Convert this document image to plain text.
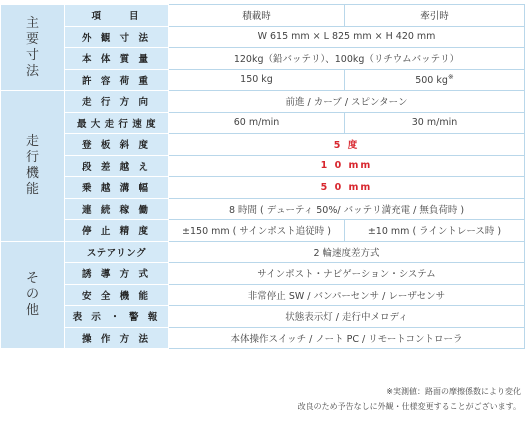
主要寸法	項　　目	積載時	牽引時
	外 観 寸 法	W 615 mm × L 825 mm × H 420 mm	
	本 体 質 量	120kg（鉛バッテリ）、100kg（リチウムバッテリ）	
	許 容 荷 重	150 kg	500 kg※
走行機能	走 行 方 向	前進 / カーブ / スピンターン	
	最 大 走 行 速 度	60 m/min	30 m/min
	登 板 斜 度	5 度	
	段 差 越 え	1 0 mm	
	乗 越 溝 幅	5 0 mm	
	連 続 稼 働	8 時間 ( デューティ 50%/ バッテリ満充電 / 無負荷時 )	
	停 止 精 度	±150 mm ( サインポスト追従時 )	±10 mm ( ライントレース時 )
その他	ステアリング	2 輪速度差方式	
	誘 導 方 式	サインポスト・ナビゲーション・システム	
	安 全 機 能	非常停止 SW / バンパーセンサ / レーザセンサ	
	表 示 ・ 警 報	状態表示灯 / 走行中メロディ	
	操 作 方 法	本体操作スイッチ / ノート PC / リモートコントローラ	
※実測値：路面の摩擦係数により変化
改良のため予告なしに外観・仕様変更することがございます。
